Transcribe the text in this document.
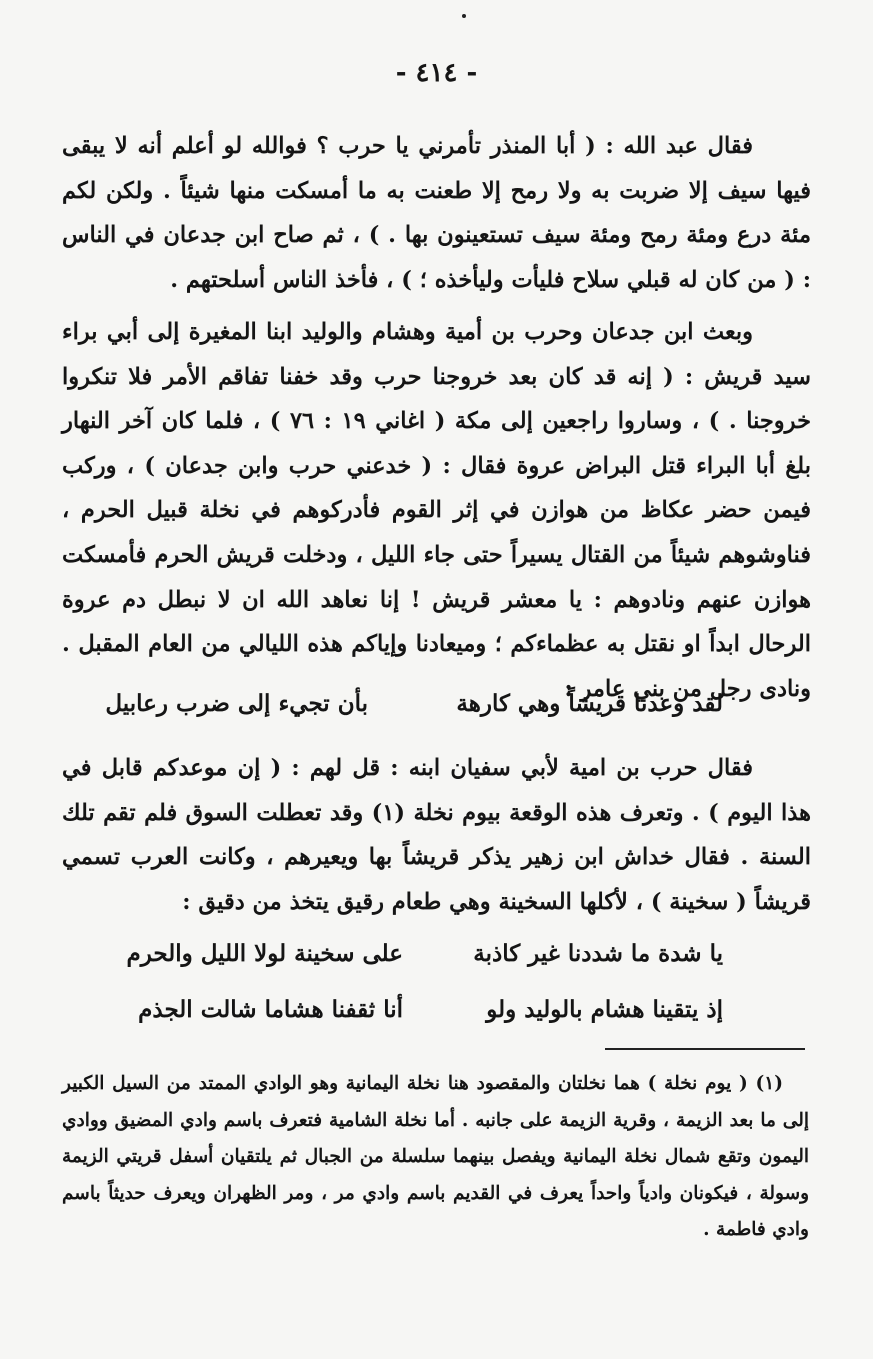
- ٤١٤ -

فقال عبد الله : ( أبا المنذر تأمرني يا حرب ؟ فوالله لو أعلم أنه لا يبقى فيها سيف إلا ضربت به ولا رمح إلا طعنت به ما أمسكت منها شيئاً . ولكن لكم مئة درع ومئة رمح ومئة سيف تستعينون بها . ) ، ثم صاح ابن جدعان في الناس : ( من كان له قبلي سلاح فليأت وليأخذه ؛ ) ، فأخذ الناس أسلحتهم .

وبعث ابن جدعان وحرب بن أمية وهشام والوليد ابنا المغيرة إلى أبي براء سيد قريش : ( إنه قد كان بعد خروجنا حرب وقد خفنا تفاقم الأمر فلا تنكروا خروجنا . ) ، وساروا راجعين إلى مكة ( اغاني ١٩ : ٧٦ ) ، فلما كان آخر النهار بلغ أبا البراء قتل البراض عروة فقال : ( خدعني حرب وابن جدعان ) ، وركب فيمن حضر عكاظ من هوازن في إثر القوم فأدركوهم في نخلة قبيل الحرم ، فناوشوهم شيئاً من القتال يسيراً حتى جاء الليل ، ودخلت قريش الحرم فأمسكت هوازن عنهم ونادوهم : يا معشر قريش ! إنا نعاهد الله ان لا نبطل دم عروة الرحال ابداً او نقتل به عظماءكم ؛ وميعادنا وإياكم هذه الليالي من العام المقبل . ونادى رجل من بني عامر :

لقد وعدنا قريشاً وهي كارهة
بأن تجيء إلى ضرب رعابيل

فقال حرب بن امية لأبي سفيان ابنه : قل لهم : ( إن موعدكم قابل في هذا اليوم ) . وتعرف هذه الوقعة بيوم نخلة (١) وقد تعطلت السوق فلم تقم تلك السنة . فقال خداش ابن زهير يذكر قريشاً بها ويعيرهم ، وكانت العرب تسمي قريشاً ( سخينة ) ، لأكلها السخينة وهي طعام رقيق يتخذ من دقيق :

يا شدة ما شددنا غير كاذبة
على سخينة لولا الليل والحرم
إذ يتقينا هشام بالوليد ولو
أنا ثقفنا هشاما شالت الجذم

(١) ( يوم نخلة ) هما نخلتان والمقصود هنا نخلة اليمانية وهو الوادي الممتد من السيل الكبير إلى ما بعد الزيمة ، وقرية الزيمة على جانبه . أما نخلة الشامية فتعرف باسم وادي المضيق ووادي اليمون وتقع شمال نخلة اليمانية ويفصل بينهما سلسلة من الجبال ثم يلتقيان أسفل قريتي الزيمة وسولة ، فيكونان وادياً واحداً يعرف في القديم باسم وادي مر ، ومر الظهران ويعرف حديثاً باسم وادي فاطمة .
